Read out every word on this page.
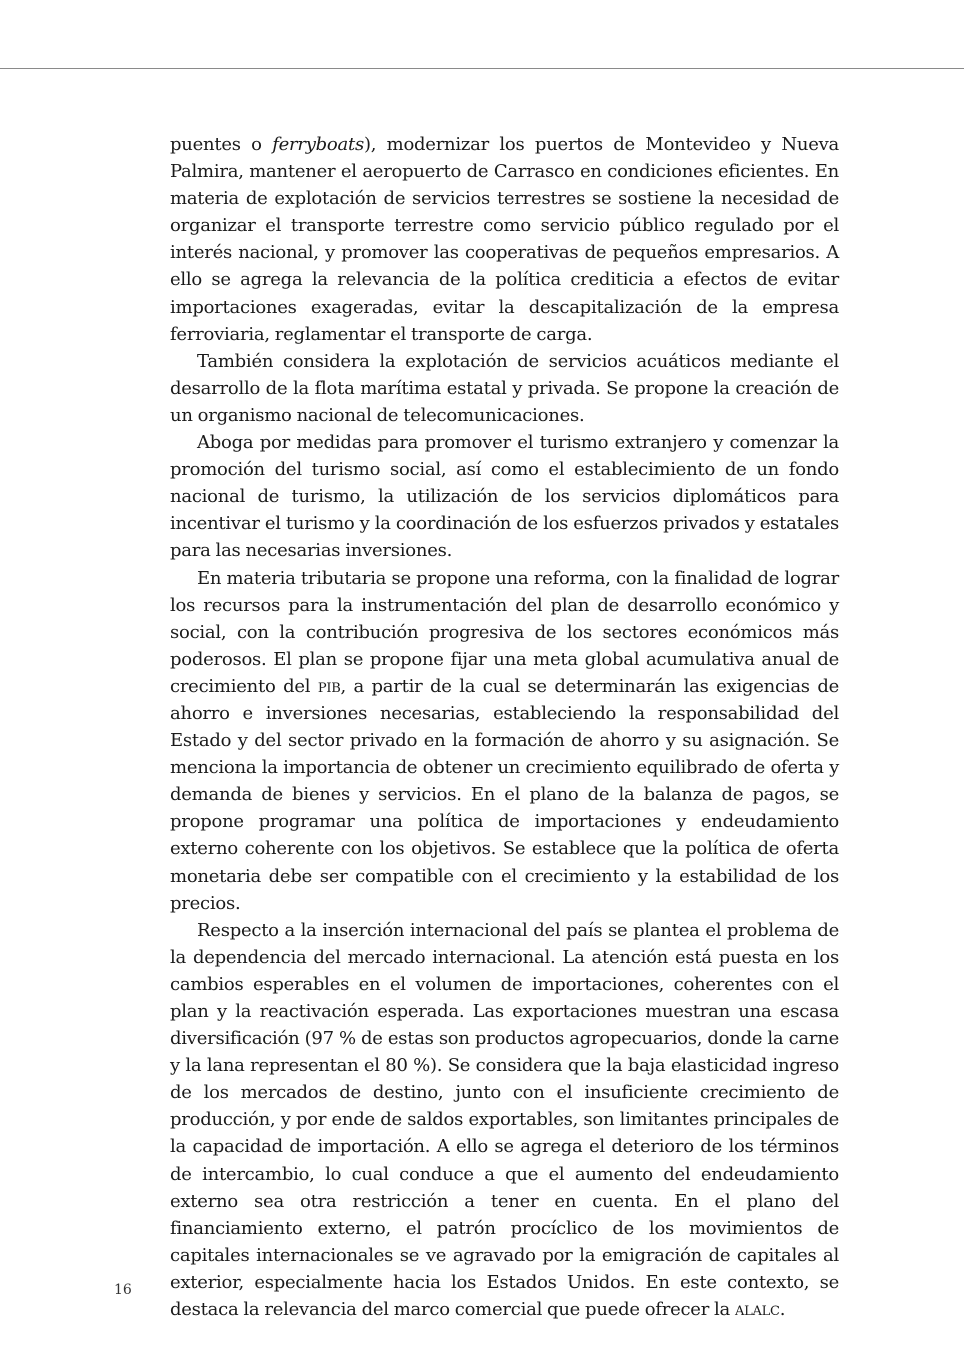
puentes o ferryboats), modernizar los puertos de Montevideo y Nueva Palmira, mantener el aeropuerto de Carrasco en condiciones eficientes. En materia de explotación de servicios terrestres se sostiene la necesidad de organizar el transporte terrestre como servicio público regulado por el interés nacional, y promover las cooperativas de pequeños empresarios. A ello se agrega la relevancia de la política crediticia a efectos de evitar importaciones exageradas, evitar la descapitalización de la empresa ferroviaria, reglamentar el transporte de carga.

También considera la explotación de servicios acuáticos mediante el desarrollo de la flota marítima estatal y privada. Se propone la creación de un organismo nacional de telecomunicaciones.

Aboga por medidas para promover el turismo extranjero y comenzar la promoción del turismo social, así como el establecimiento de un fondo nacional de turismo, la utilización de los servicios diplomáticos para incentivar el turismo y la coordinación de los esfuerzos privados y estatales para las necesarias inversiones.

En materia tributaria se propone una reforma, con la finalidad de lograr los recursos para la instrumentación del plan de desarrollo económico y social, con la contribución progresiva de los sectores económicos más poderosos. El plan se propone fijar una meta global acumulativa anual de crecimiento del pib, a partir de la cual se determinarán las exigencias de ahorro e inversiones necesarias, estableciendo la responsabilidad del Estado y del sector privado en la formación de ahorro y su asignación. Se menciona la importancia de obtener un crecimiento equilibrado de oferta y demanda de bienes y servicios. En el plano de la balanza de pagos, se propone programar una política de importaciones y endeudamiento externo coherente con los objetivos. Se establece que la política de oferta monetaria debe ser compatible con el crecimiento y la estabilidad de los precios.

Respecto a la inserción internacional del país se plantea el problema de la dependencia del mercado internacional. La atención está puesta en los cambios esperables en el volumen de importaciones, coherentes con el plan y la reactivación esperada. Las exportaciones muestran una escasa diversificación (97 % de estas son productos agropecuarios, donde la carne y la lana representan el 80 %). Se considera que la baja elasticidad ingreso de los mercados de destino, junto con el insuficiente crecimiento de producción, y por ende de saldos exportables, son limitantes principales de la capacidad de importación. A ello se agrega el deterioro de los términos de intercambio, lo cual conduce a que el aumento del endeudamiento externo sea otra restricción a tener en cuenta. En el plano del financiamiento externo, el patrón procíclico de los movimientos de capitales internacionales se ve agravado por la emigración de capitales al exterior, especialmente hacia los Estados Unidos. En este contexto, se destaca la relevancia del marco comercial que puede ofrecer la alalc.

16
